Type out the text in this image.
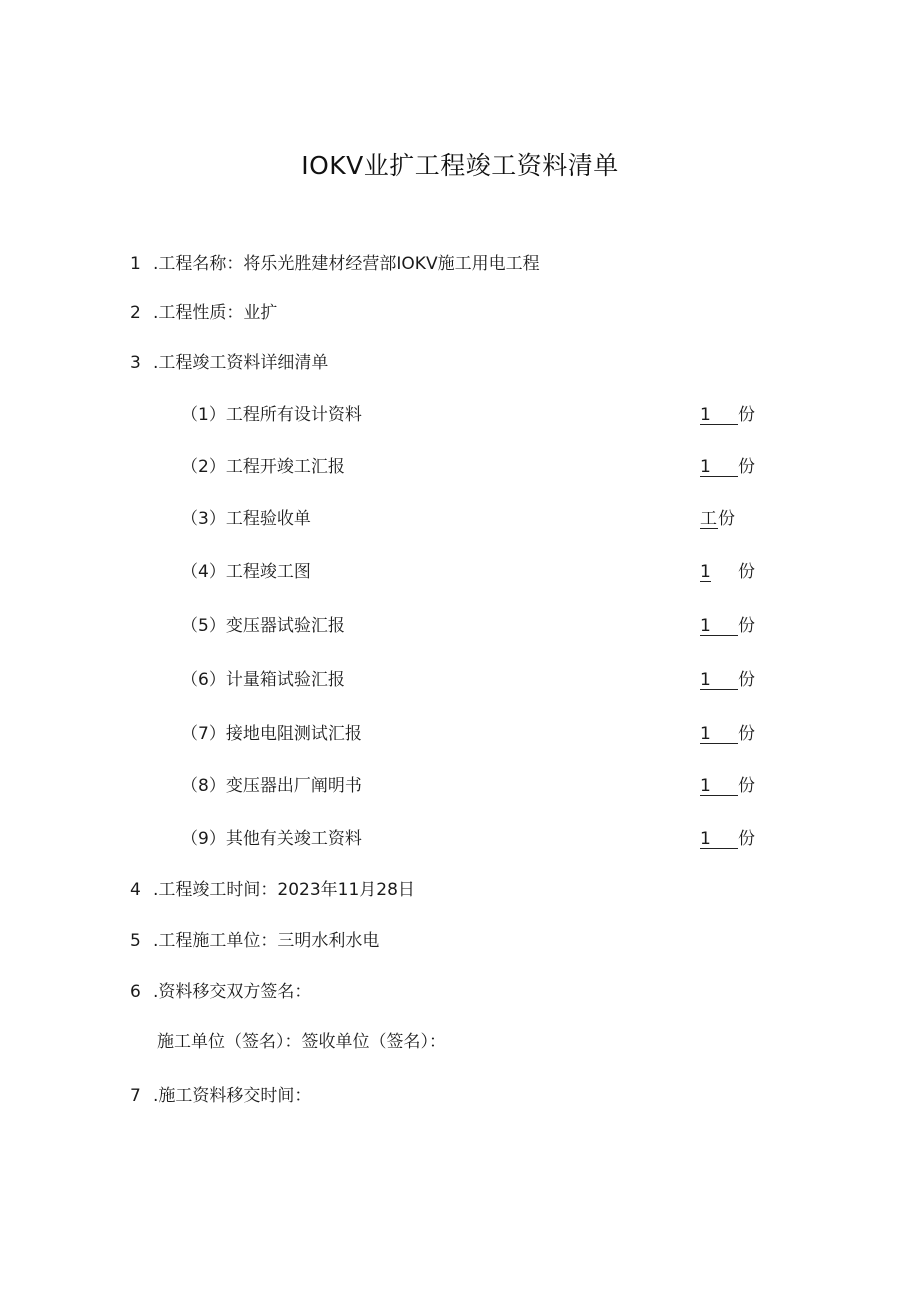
IOKV业扩工程竣工资料清单
1 .工程名称：将乐光胜建材经营部IOKV施工用电工程
2 .工程性质：业扩
3 .工程竣工资料详细清单
（1）工程所有设计资料	1 份
（2）工程开竣工汇报	1 份
（3）工程验收单	工份
（4）工程竣工图	1 份
（5）变压器试验汇报	1 份
（6）计量箱试验汇报	1 份
（7）接地电阻测试汇报	1 份
（8）变压器出厂阐明书	1 份
（9）其他有关竣工资料	1 份
4 .工程竣工时间：2023年11月28日
5 .工程施工单位：三明水利水电
6 .资料移交双方签名：
施工单位（签名）：签收单位（签名）：
7 .施工资料移交时间：
